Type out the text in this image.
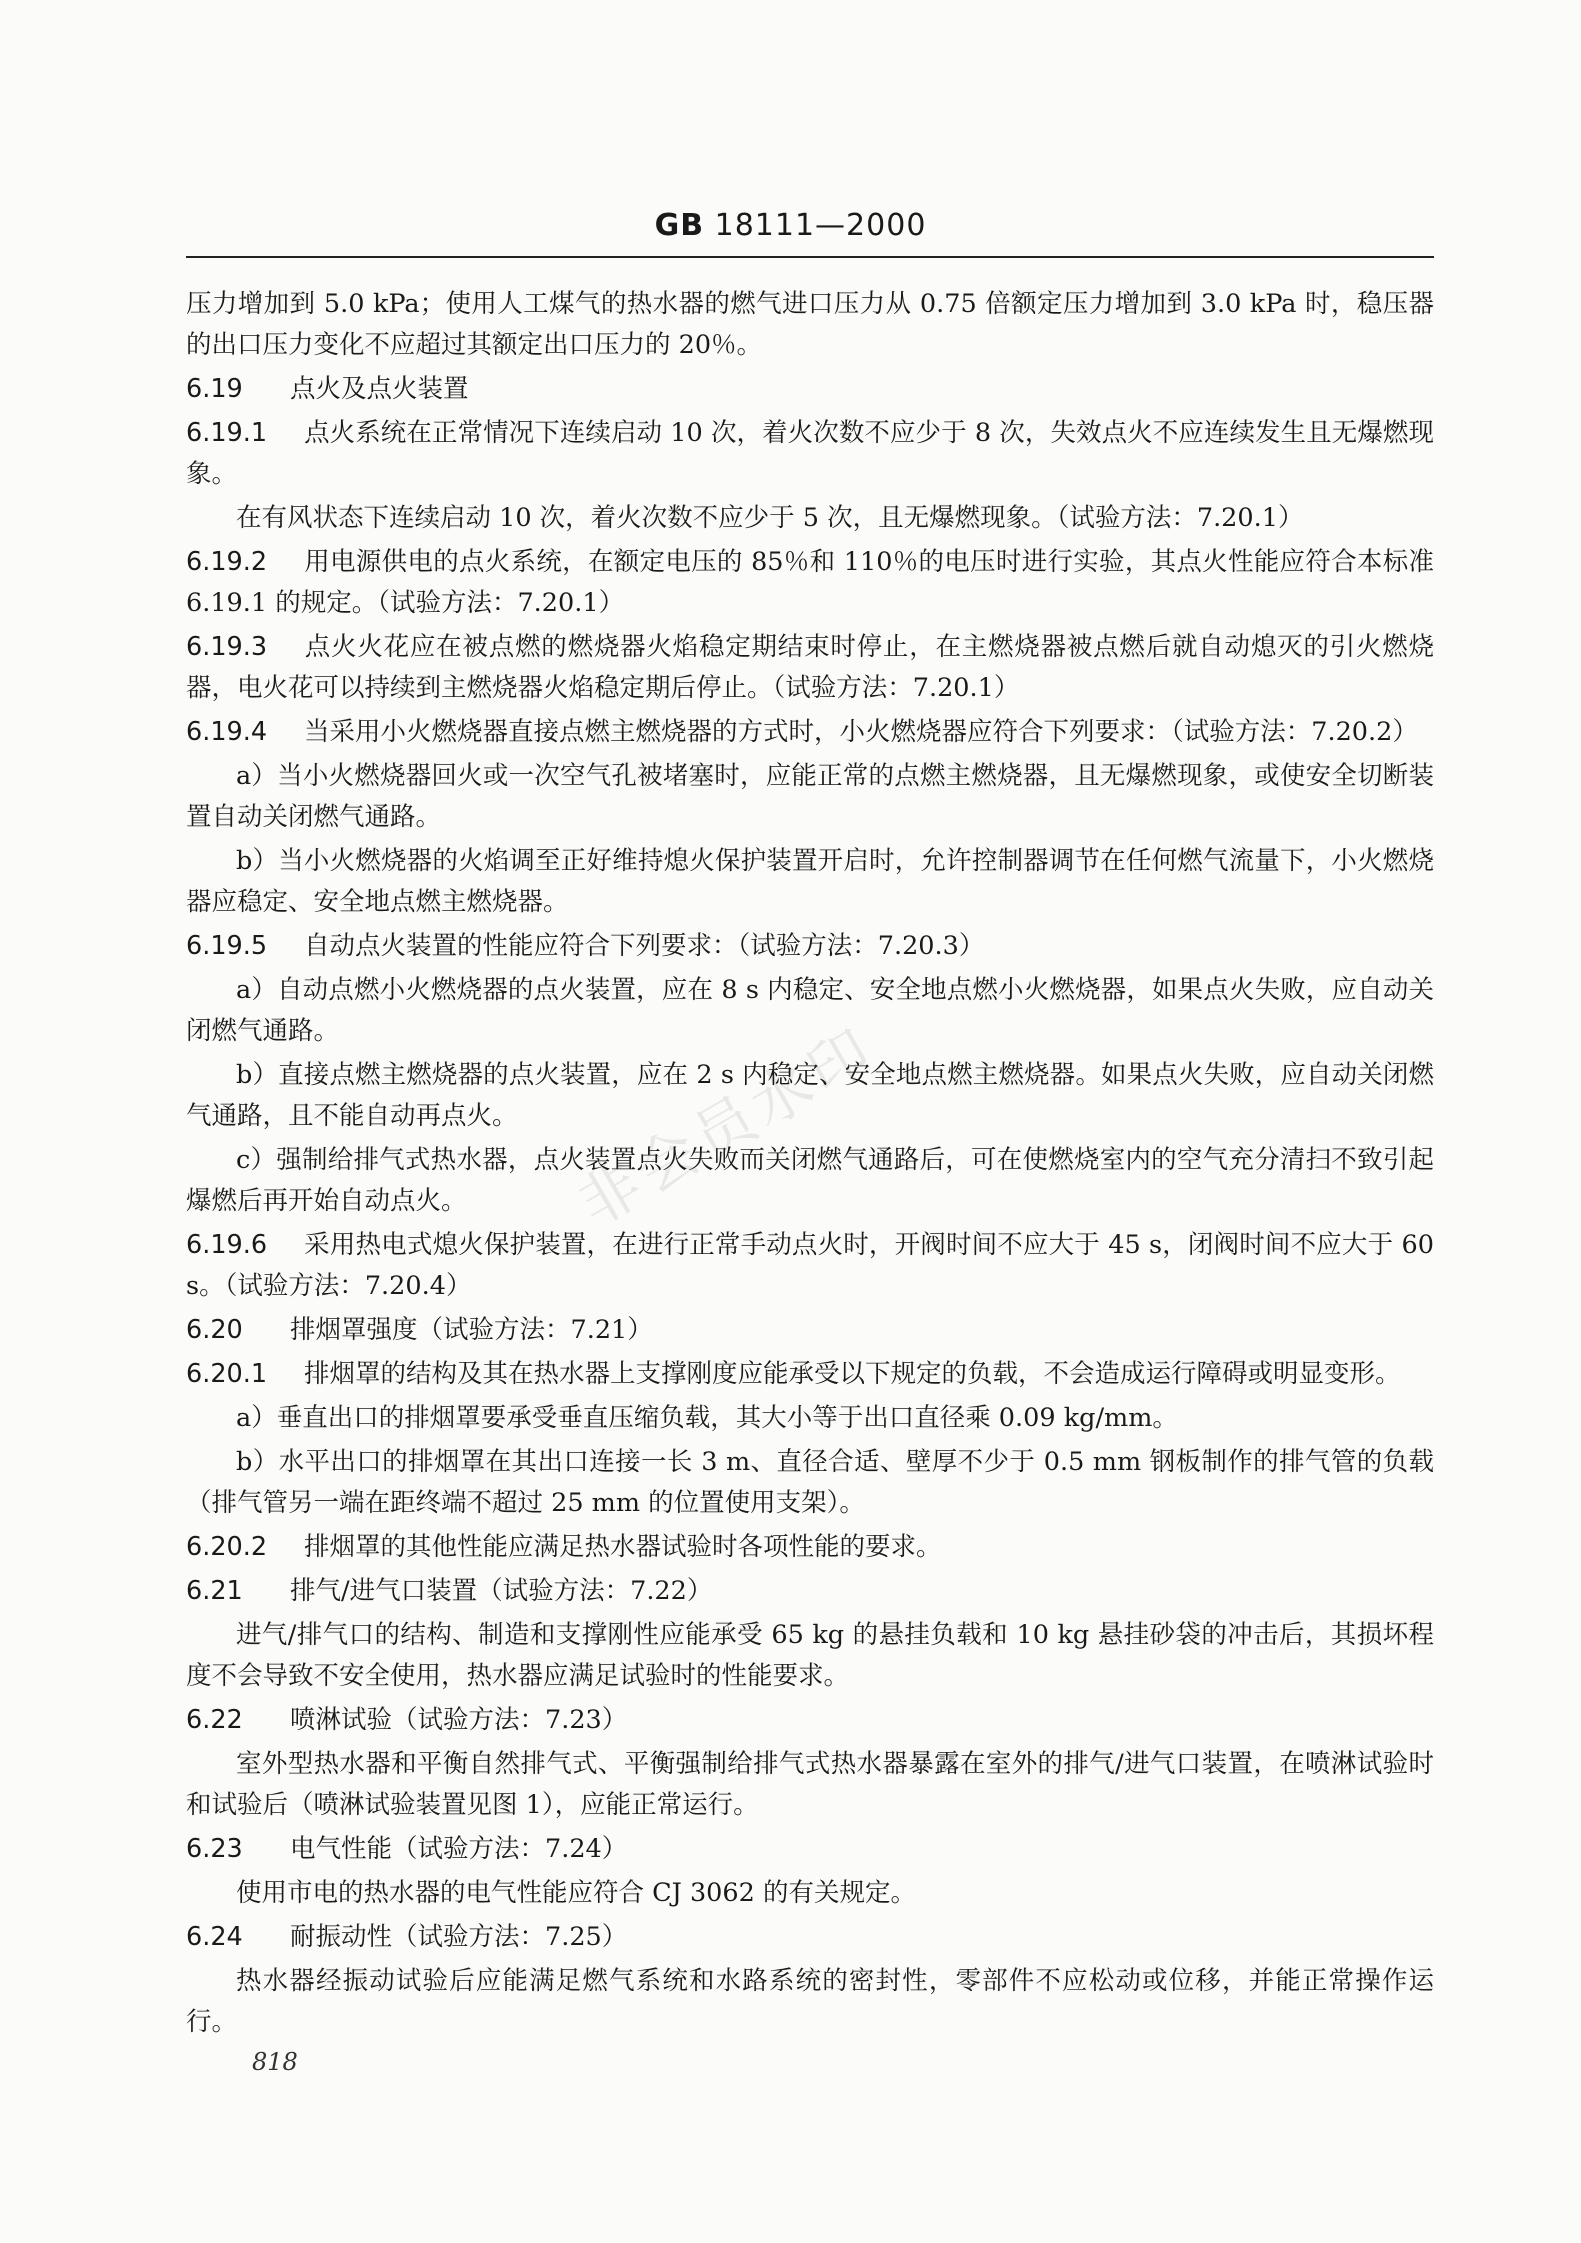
GB 18111—2000
非会员水印

压力增加到 5.0 kPa；使用人工煤气的热水器的燃气进口压力从 0.75 倍额定压力增加到 3.0 kPa 时，稳压器的出口压力变化不应超过其额定出口压力的 20％。

6.19 点火及点火装置

6.19.1 点火系统在正常情况下连续启动 10 次，着火次数不应少于 8 次，失效点火不应连续发生且无爆燃现象。

在有风状态下连续启动 10 次，着火次数不应少于 5 次，且无爆燃现象。（试验方法：7.20.1）

6.19.2 用电源供电的点火系统，在额定电压的 85％和 110％的电压时进行实验，其点火性能应符合本标准 6.19.1 的规定。（试验方法：7.20.1）

6.19.3 点火火花应在被点燃的燃烧器火焰稳定期结束时停止，在主燃烧器被点燃后就自动熄灭的引火燃烧器，电火花可以持续到主燃烧器火焰稳定期后停止。（试验方法：7.20.1）

6.19.4 当采用小火燃烧器直接点燃主燃烧器的方式时，小火燃烧器应符合下列要求：（试验方法：7.20.2）

a）当小火燃烧器回火或一次空气孔被堵塞时，应能正常的点燃主燃烧器，且无爆燃现象，或使安全切断装置自动关闭燃气通路。

b）当小火燃烧器的火焰调至正好维持熄火保护装置开启时，允许控制器调节在任何燃气流量下，小火燃烧器应稳定、安全地点燃主燃烧器。

6.19.5 自动点火装置的性能应符合下列要求：（试验方法：7.20.3）

a）自动点燃小火燃烧器的点火装置，应在 8 s 内稳定、安全地点燃小火燃烧器，如果点火失败，应自动关闭燃气通路。

b）直接点燃主燃烧器的点火装置，应在 2 s 内稳定、安全地点燃主燃烧器。如果点火失败，应自动关闭燃气通路，且不能自动再点火。

c）强制给排气式热水器，点火装置点火失败而关闭燃气通路后，可在使燃烧室内的空气充分清扫不致引起爆燃后再开始自动点火。

6.19.6 采用热电式熄火保护装置，在进行正常手动点火时，开阀时间不应大于 45 s，闭阀时间不应大于 60 s。（试验方法：7.20.4）

6.20 排烟罩强度（试验方法：7.21）

6.20.1 排烟罩的结构及其在热水器上支撑刚度应能承受以下规定的负载，不会造成运行障碍或明显变形。

a）垂直出口的排烟罩要承受垂直压缩负载，其大小等于出口直径乘 0.09 kg/mm。

b）水平出口的排烟罩在其出口连接一长 3 m、直径合适、壁厚不少于 0.5 mm 钢板制作的排气管的负载（排气管另一端在距终端不超过 25 mm 的位置使用支架）。

6.20.2 排烟罩的其他性能应满足热水器试验时各项性能的要求。

6.21 排气/进气口装置（试验方法：7.22）

进气/排气口的结构、制造和支撑刚性应能承受 65 kg 的悬挂负载和 10 kg 悬挂砂袋的冲击后，其损坏程度不会导致不安全使用，热水器应满足试验时的性能要求。

6.22 喷淋试验（试验方法：7.23）

室外型热水器和平衡自然排气式、平衡强制给排气式热水器暴露在室外的排气/进气口装置，在喷淋试验时和试验后（喷淋试验装置见图 1），应能正常运行。

6.23 电气性能（试验方法：7.24）

使用市电的热水器的电气性能应符合 CJ 3062 的有关规定。

6.24 耐振动性（试验方法：7.25）

热水器经振动试验后应能满足燃气系统和水路系统的密封性，零部件不应松动或位移，并能正常操作运行。

818
